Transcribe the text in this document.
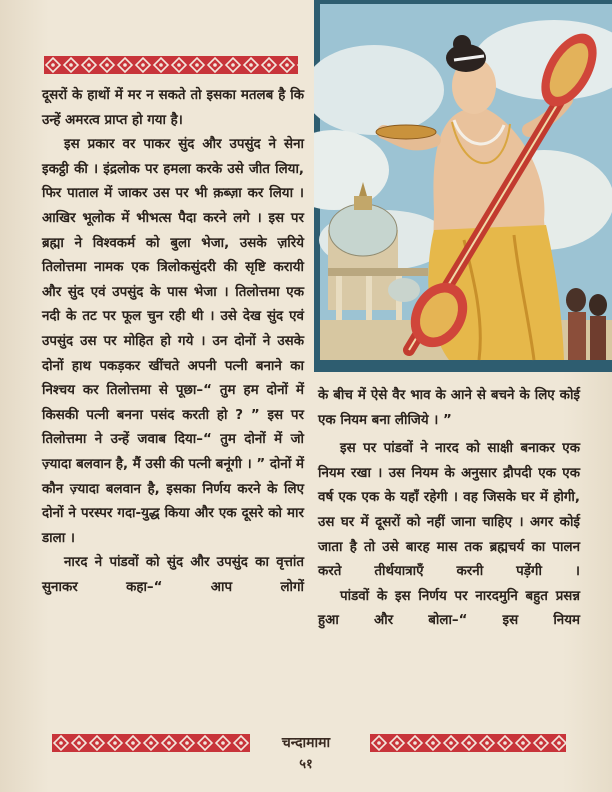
दूसरों के हाथों में मर न सकते तो इसका मतलब है कि उन्हें अमरत्व प्राप्त हो गया है।

इस प्रकार वर पाकर सुंद और उपसुंद ने सेना इकट्ठी की । इंद्रलोक पर हमला करके उसे जीत लिया, फिर पाताल में जाकर उस पर भी क़ब्ज़ा कर लिया । आखिर भूलोक में भीभत्स पैदा करने लगे । इस पर ब्रह्मा ने विश्वकर्म को बुला भेजा, उसके ज़रिये तिलोत्तमा नामक एक त्रिलोकसुंदरी की सृष्टि करायी और सुंद एवं उपसुंद के पास भेजा । तिलोत्तमा एक नदी के तट पर फूल चुन रही थी । उसे देख सुंद एवं उपसुंद उस पर मोहित हो गये । उन दोनों ने उसके दोनों हाथ पकड़कर खींचते अपनी पत्नी बनाने का निश्चय कर तिलोत्तमा से पूछा–“ तुम हम दोनों में किसकी पत्नी बनना पसंद करती हो ? ” इस पर तिलोत्तमा ने उन्हें जवाब दिया–“ तुम दोनों में जो ज़्यादा बलवान है, मैं उसी की पत्नी बनूंगी । ” दोनों में कौन ज़्यादा बलवान है, इसका निर्णय करने के लिए दोनों ने परस्पर गदा-युद्ध किया और एक दूसरे को मार डाला ।

नारद ने पांडवों को सुंद और उपसुंद का वृत्तांत सुनाकर कहा–“ आप लोगों

के बीच में ऐसे वैर भाव के आने से बचने के लिए कोई एक नियम बना लीजिये । ”

इस पर पांडवों ने नारद को साक्षी बनाकर एक नियम रखा । उस नियम के अनुसार द्रौपदी एक एक वर्ष एक एक के यहाँ रहेगी । वह जिसके घर में होगी, उस घर में दूसरों को नहीं जाना चाहिए । अगर कोई जाता है तो उसे बारह मास तक ब्रह्मचर्य का पालन करते तीर्थयात्राएँ करनी पड़ेंगी ।

पांडवों के इस निर्णय पर नारदमुनि बहुत प्रसन्न हुआ और बोला–“ इस नियम

चन्दामामा
५१
